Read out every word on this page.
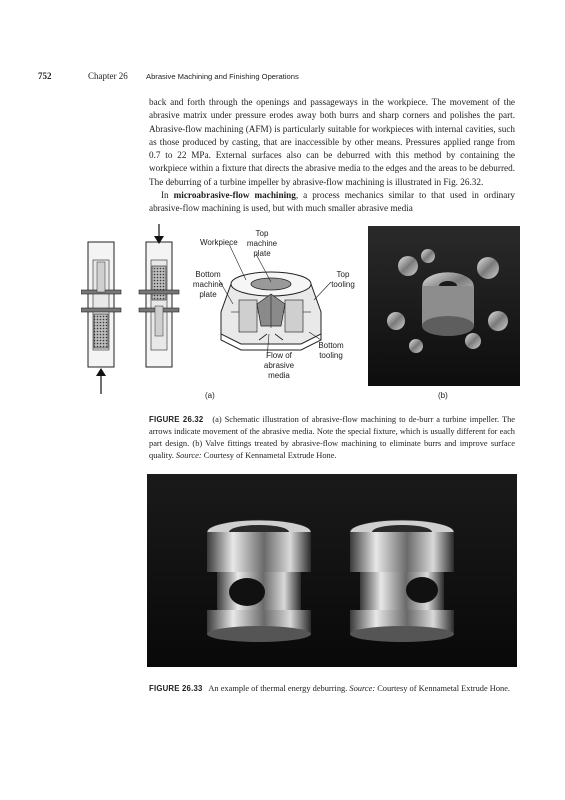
752	Chapter 26 Abrasive Machining and Finishing Operations

back and forth through the openings and passageways in the workpiece. The movement of the abrasive matrix under pressure erodes away both burrs and sharp corners and polishes the part. Abrasive-flow machining (AFM) is particularly suitable for workpieces with internal cavities, such as those produced by casting, that are inaccessible by other means. Pressures applied range from 0.7 to 22 MPa. External surfaces also can be deburred with this method by containing the workpiece within a fixture that directs the abrasive media to the edges and the areas to be deburred. The deburring of a turbine impeller by abrasive-flow machining is illustrated in Fig. 26.32.

In microabrasive-flow machining, a process mechanics similar to that used in ordinary abrasive-flow machining is used, but with much smaller abrasive media

Top
machine
plate
Workpiece
Bottom
machine
plate
Top
tooling
Bottom
tooling
Flow of
abrasive
media
(a)	(b)
FIGURE 26.32 (a) Schematic illustration of abrasive-flow machining to de-burr a turbine impeller. The arrows indicate movement of the abrasive media. Note the special fixture, which is usually different for each part design. (b) Valve fittings treated by abrasive-flow machining to eliminate burrs and improve surface quality. Source: Courtesy of Kennametal Extrude Hone.
FIGURE 26.33 An example of thermal energy deburring. Source: Courtesy of Kennametal Extrude Hone.
